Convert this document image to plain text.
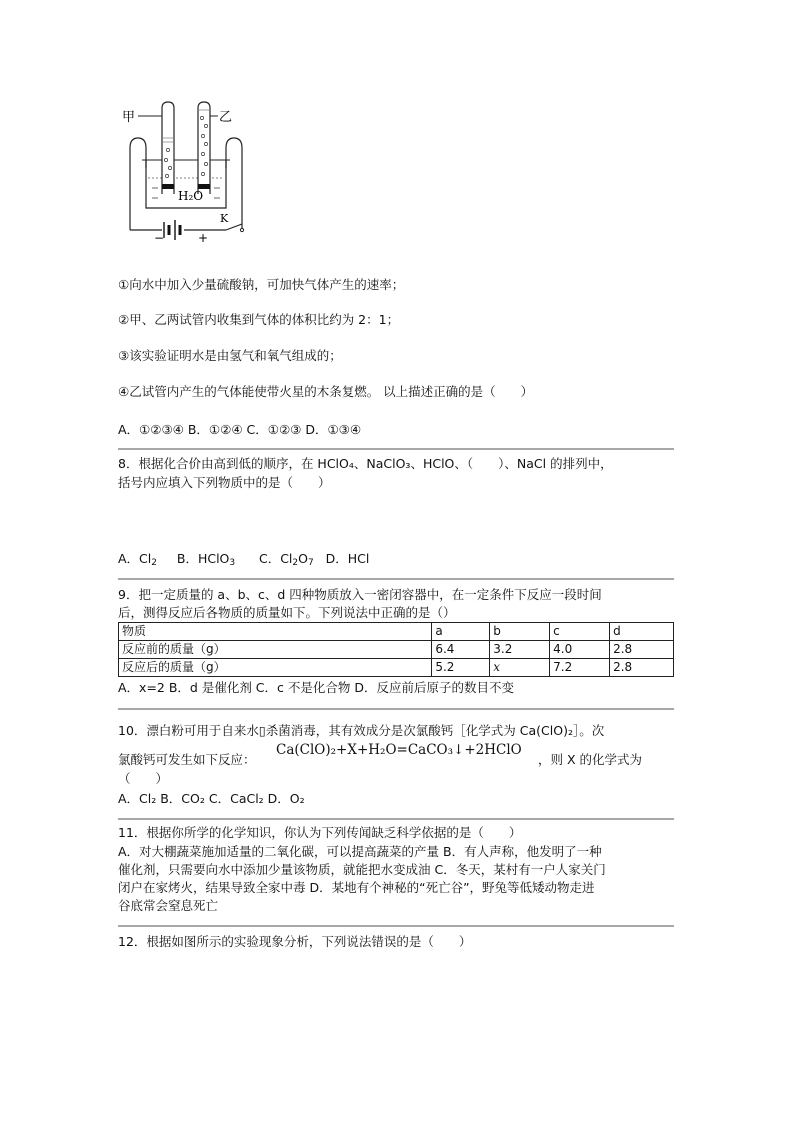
甲	乙
H₂O
K
−	+
①向水中加入少量硫酸钠，可加快气体产生的速率；
②甲、乙两试管内收集到气体的体积比约为 2：1；
③该实验证明水是由氢气和氧气组成的；
④乙试管内产生的气体能使带火星的木条复燃。 以上描述正确的是（　　）
A．①②③④ B．①②④ C．①②③ D．①③④
8．根据化合价由高到低的顺序，在 HClO₄、NaClO₃、HClO、（　　）、NaCl 的排列中，
括号内应填入下列物质中的是（　　）
A．$Cl_2$ B．HClO$_3$ C．$Cl_2O_7$ D．HCl
9．把一定质量的 a、b、c、d 四种物质放入一密闭容器中，在一定条件下反应一段时间
后，测得反应后各物质的质量如下。下列说法中正确的是（）
物质	a	b	c	d
反应前的质量（g）	6.4	3.2	4.0	2.8
反应后的质量（g）	5.2	x	7.2	2.8
A．x=2 B．d 是催化剂 C．c 不是化合物 D．反应前后原子的数目不变
10．漂白粉可用于自来水▯杀菌消毒，其有效成分是次氯酸钙［化学式为 Ca(ClO)₂］。次
氯酸钙可发生如下反应：
Ca(ClO)₂+X+H₂O=CaCO₃↓+2HClO
，则 X 的化学式为
（　　）
A．Cl₂ B．CO₂ C．CaCl₂ D．O₂
11．根据你所学的化学知识，你认为下列传闻缺乏科学依据的是（　　）
A．对大棚蔬菜施加适量的二氧化碳，可以提高蔬菜的产量 B．有人声称，他发明了一种
催化剂，只需要向水中添加少量该物质，就能把水变成油 C．冬天，某村有一户人家关门
闭户在家烤火，结果导致全家中毒 D．某地有个神秘的“死亡谷”，野兔等低矮动物走进
谷底常会窒息死亡
12．根据如图所示的实验现象分析，下列说法错误的是（　　）
